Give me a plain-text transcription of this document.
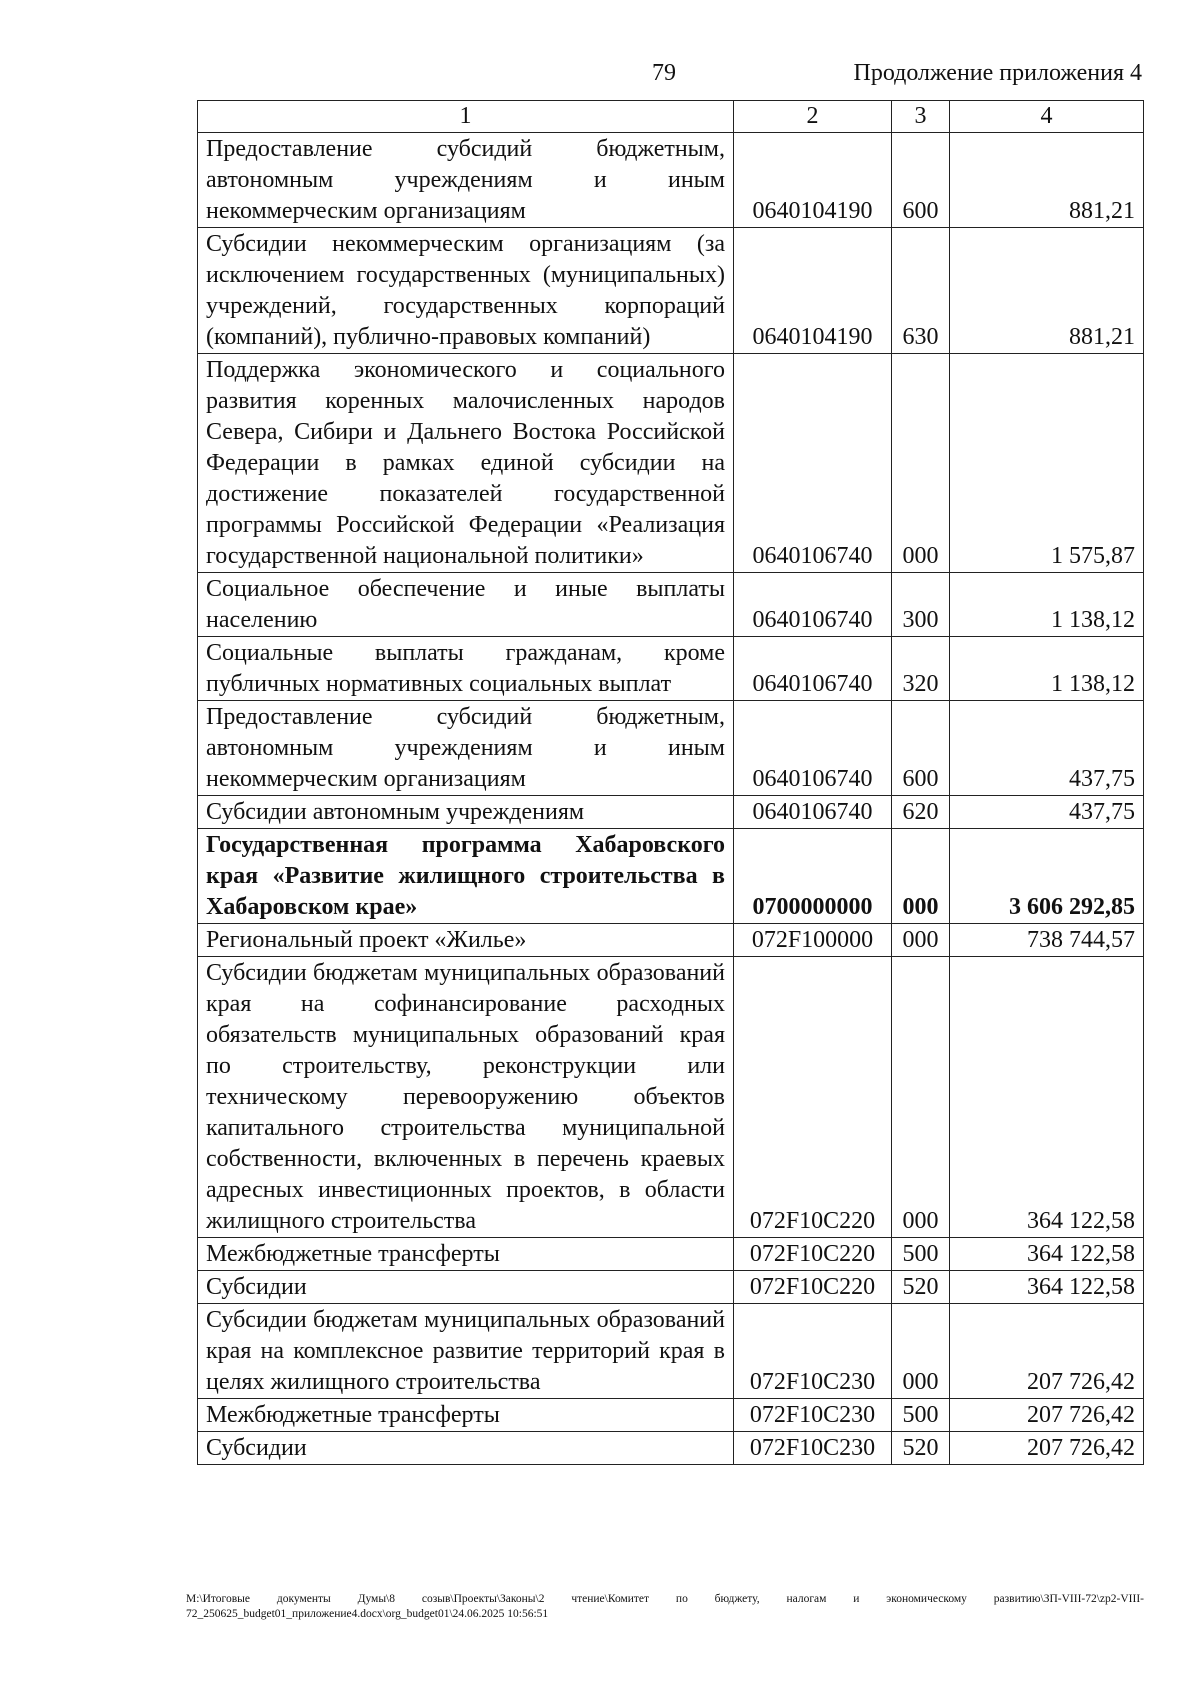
79	Продолжение приложения 4
1	2	3	4
Предоставление субсидий бюджетным, автономным учреждениям и иным некоммерческим организациям	0640104190	600	881,21
Субсидии некоммерческим организациям (за исключением государственных (муниципальных) учреждений, государственных корпораций (компаний), публично-правовых компаний)	0640104190	630	881,21
Поддержка экономического и социального развития коренных малочисленных народов Севера, Сибири и Дальнего Востока Российской Федерации в рамках единой субсидии на достижение показателей государственной программы Российской Федерации «Реализация государственной национальной политики»	0640106740	000	1 575,87
Социальное обеспечение и иные выплаты населению	0640106740	300	1 138,12
Социальные выплаты гражданам, кроме публичных нормативных социальных выплат	0640106740	320	1 138,12
Предоставление субсидий бюджетным, автономным учреждениям и иным некоммерческим организациям	0640106740	600	437,75
Субсидии автономным учреждениям	0640106740	620	437,75
Государственная программа Хабаровского края «Развитие жилищного строительства в Хабаровском крае»	0700000000	000	3 606 292,85
Региональный проект «Жилье»	072F100000	000	738 744,57
Субсидии бюджетам муниципальных образований края на софинансирование расходных обязательств муниципальных образований края по строительству, реконструкции или техническому перевооружению объектов капитального строительства муниципальной собственности, включенных в перечень краевых адресных инвестиционных проектов, в области жилищного строительства	072F10C220	000	364 122,58
Межбюджетные трансферты	072F10C220	500	364 122,58
Субсидии	072F10C220	520	364 122,58
Субсидии бюджетам муниципальных образований края на комплексное развитие территорий края в целях жилищного строительства	072F10C230	000	207 726,42
Межбюджетные трансферты	072F10C230	500	207 726,42
Субсидии	072F10C230	520	207 726,42
M:\Итоговые документы Думы\8 созыв\Проекты\Законы\2 чтение\Комитет по бюджету, налогам и экономическому развитию\ЗП-VIII-72\zp2-VIII-72_250625_budget01_приложение4.docx\org_budget01\24.06.2025 10:56:51
